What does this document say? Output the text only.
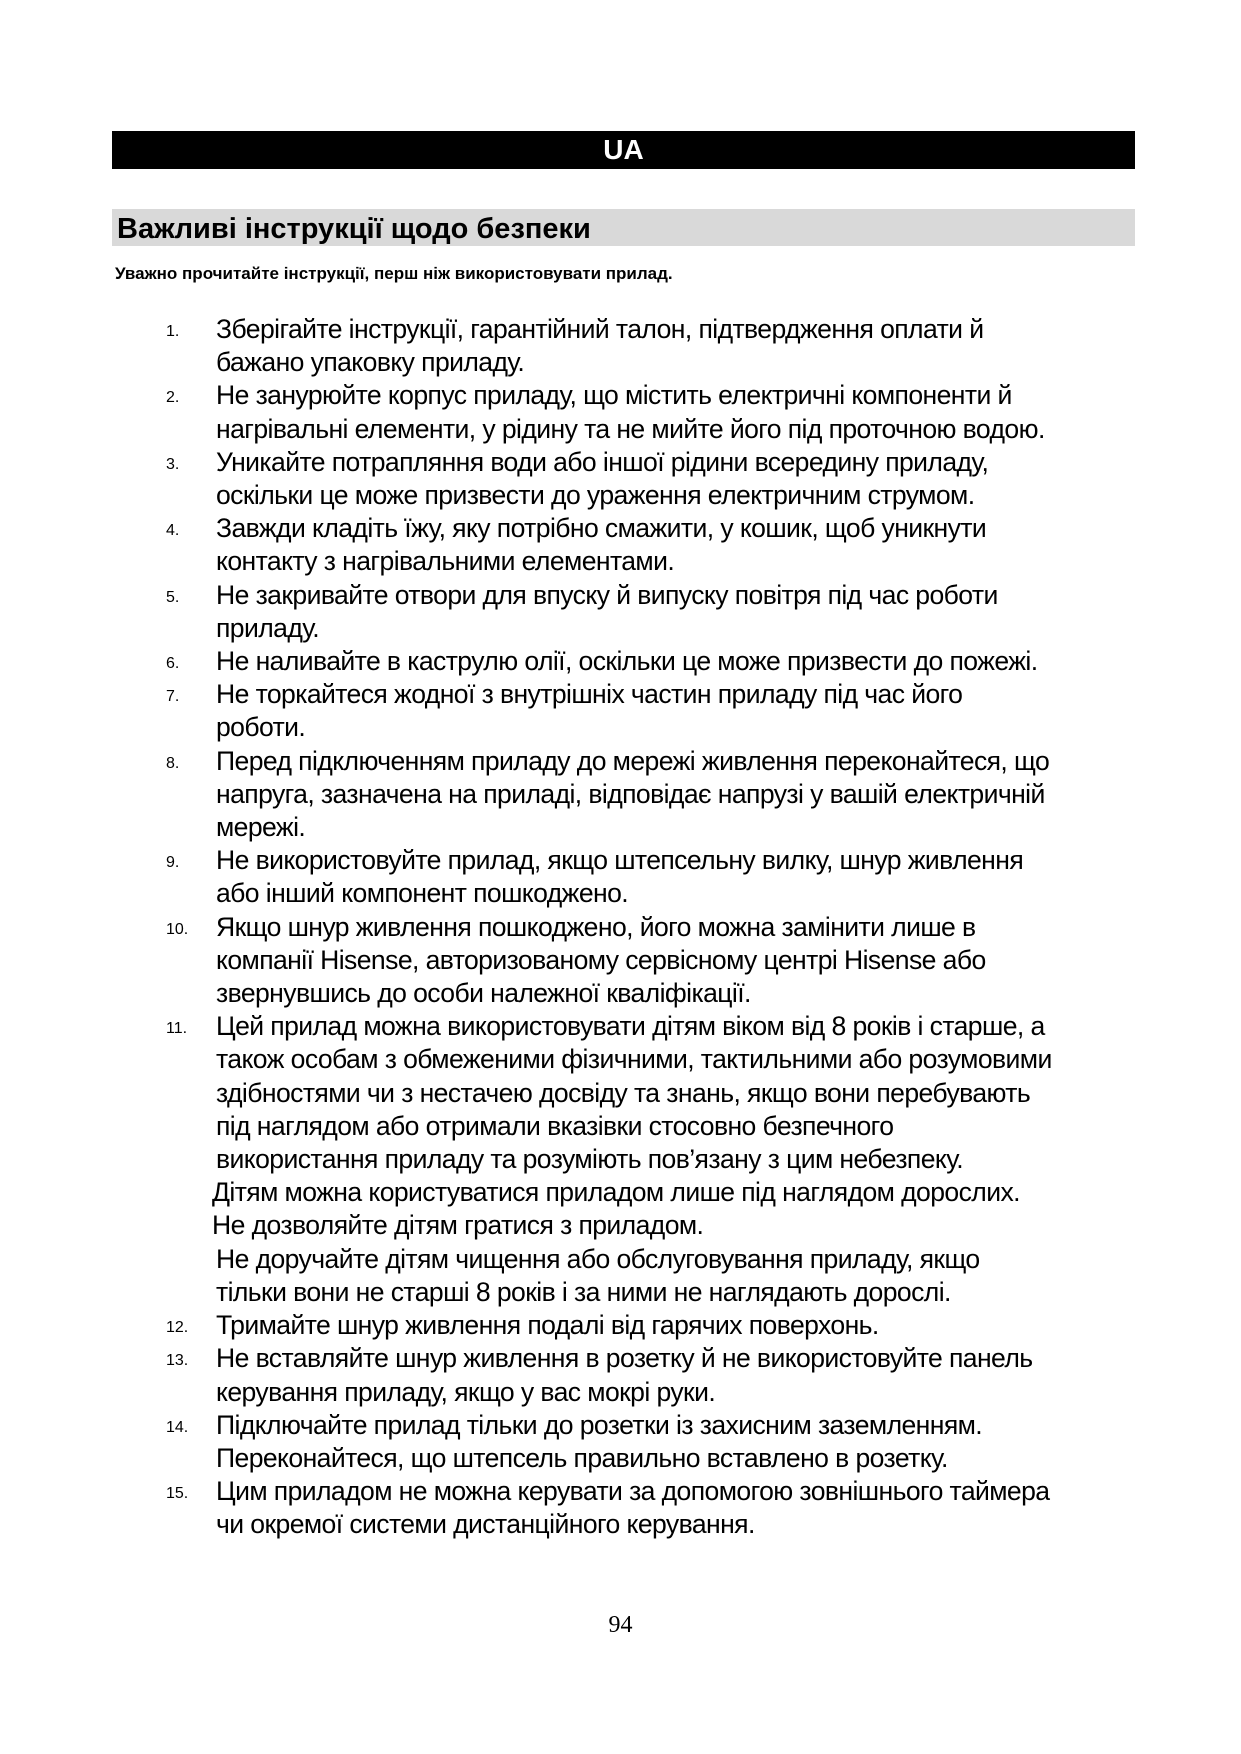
UA
Важливі інструкції щодо безпеки
Уважно прочитайте інструкції, перш ніж використовувати прилад.
1. Зберігайте інструкції, гарантійний талон, підтвердження оплати й
бажано упаковку приладу.
2. Не занурюйте корпус приладу, що містить електричні компоненти й
нагрівальні елементи, у рідину та не мийте його під проточною водою.
3. Уникайте потрапляння води або іншої рідини всередину приладу,
оскільки це може призвести до ураження електричним струмом.
4. Завжди кладіть їжу, яку потрібно смажити, у кошик, щоб уникнути
контакту з нагрівальними елементами.
5. Не закривайте отвори для впуску й випуску повітря під час роботи
приладу.
6. Не наливайте в каструлю олії, оскільки це може призвести до пожежі.
7. Не торкайтеся жодної з внутрішніх частин приладу під час його
роботи.
8. Перед підключенням приладу до мережі живлення переконайтеся, що
напруга, зазначена на приладі, відповідає напрузі у вашій електричній
мережі.
9. Не використовуйте прилад, якщо штепсельну вилку, шнур живлення
або інший компонент пошкоджено.
10. Якщо шнур живлення пошкоджено, його можна замінити лише в
компанії Hisense, авторизованому сервісному центрі Hisense або
звернувшись до особи належної кваліфікації.
11. Цей прилад можна використовувати дітям віком від 8 років і старше, а
також особам з обмеженими фізичними, тактильними або розумовими
здібностями чи з нестачею досвіду та знань, якщо вони перебувають
під наглядом або отримали вказівки стосовно безпечного
використання приладу та розуміють пов’язану з цим небезпеку.
Дітям можна користуватися приладом лише під наглядом дорослих.
Не дозволяйте дітям гратися з приладом.
Не доручайте дітям чищення або обслуговування приладу, якщо
тільки вони не старші 8 років і за ними не наглядають дорослі.
12. Тримайте шнур живлення подалі від гарячих поверхонь.
13. Не вставляйте шнур живлення в розетку й не використовуйте панель
керування приладу, якщо у вас мокрі руки.
14. Підключайте прилад тільки до розетки із захисним заземленням.
Переконайтеся, що штепсель правильно вставлено в розетку.
15. Цим приладом не можна керувати за допомогою зовнішнього таймера
чи окремої системи дистанційного керування.
94
